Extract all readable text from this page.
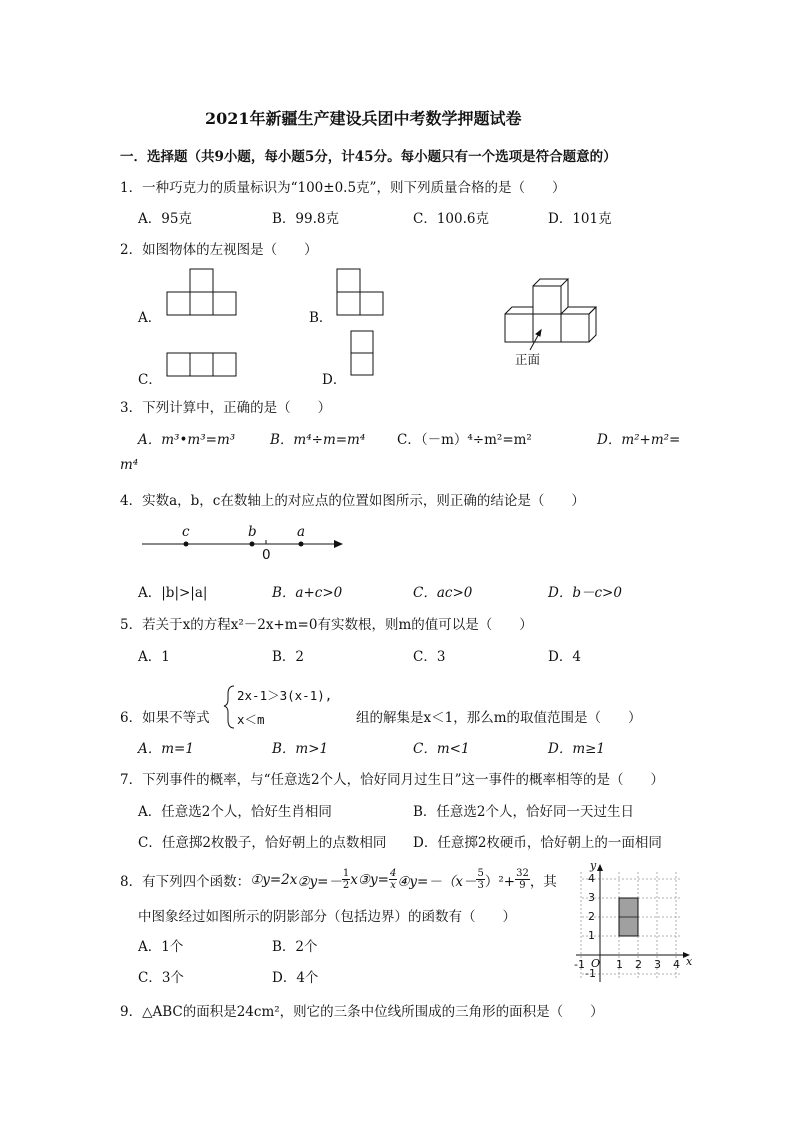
2021年新疆生产建设兵团中考数学押题试卷
一．选择题（共9小题，每小题5分，计45分。每小题只有一个选项是符合题意的）
1．一种巧克力的质量标识为“100±0.5克”，则下列质量合格的是（　　）
A．95克	B．99.8克	C．100.6克	D．101克
2．如图物体的左视图是（　　）
A．	B．
C．	D．
正面
3．下列计算中，正确的是（　　）
A．m³•m³=m³	B．m⁴÷m=m⁴ C．（－m）⁴÷m²=m²	D．m²+m²=
m⁴
4．实数a，b，c在数轴上的对应点的位置如图所示，则正确的结论是（　　）
c	b	a
0
A．|b|>|a|	B．a+c>0	C．ac>0	D．b－c>0
5．若关于x的方程x²－2x+m=0有实数根，则m的值可以是（　　）
A．1	B．2	C．3	D．4
6．如果不等式
2x-1＞3(x-1),
x＜m	组的解集是x＜1，那么m的取值范围是（　　）
A．m=1	B．m>1	C．m<1	D．m≥1
7．下列事件的概率，与“任意选2个人，恰好同月过生日”这一事件的概率相等的是（　　）
A．任意选2个人，恰好生肖相同	B．任意选2个人，恰好同一天过生日
C．任意掷2枚骰子，恰好朝上的点数相同 D．任意掷2枚硬币，恰好朝上的一面相同
8．有下列四个函数： ①y=2x ②y=－ $\frac{1}{2}$ x ③y= $\frac{4}{x}$ ④y=－（x－ $\frac{5}{3} )^2+ \frac{32}{9}$ ，其
中图象经过如图所示的阴影部分（包括边界）的函数有（　　）
A．1个	B．2个
C．3个	D．4个
x
y
O
-1	1 2 3 4
4
3
2
1
-1
9．△ABC的面积是24cm²，则它的三条中位线所围成的三角形的面积是（　　）
